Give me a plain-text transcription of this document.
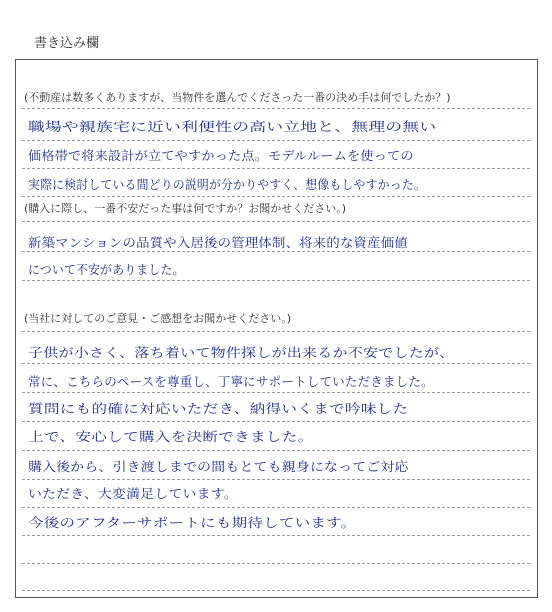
書き込み欄
(不動産は数多くありますが、当物件を選んでくださった一番の決め手は何でしたか？)
職場や親族宅に近い利便性の高い立地と、無理の無い
価格帯で将来設計が立てやすかった点。モデルルームを使っての
実際に検討している間どりの説明が分かりやすく、想像もしやすかった。
(購入に際し、一番不安だった事は何ですか？お聞かせください。)
新築マンションの品質や入居後の管理体制、将来的な資産価値
について不安がありました。
(当社に対してのご意見・ご感想をお聞かせください。)
子供が小さく、落ち着いて物件探しが出来るか不安でしたが、
常に、こちらのペースを尊重し、丁寧にサポートしていただきました。
質問にも的確に対応いただき、納得いくまで吟味した
上で、安心して購入を決断できました。
購入後から、引き渡しまでの間もとても親身になってご対応
いただき、大変満足しています。
今後のアフターサポートにも期待しています。
